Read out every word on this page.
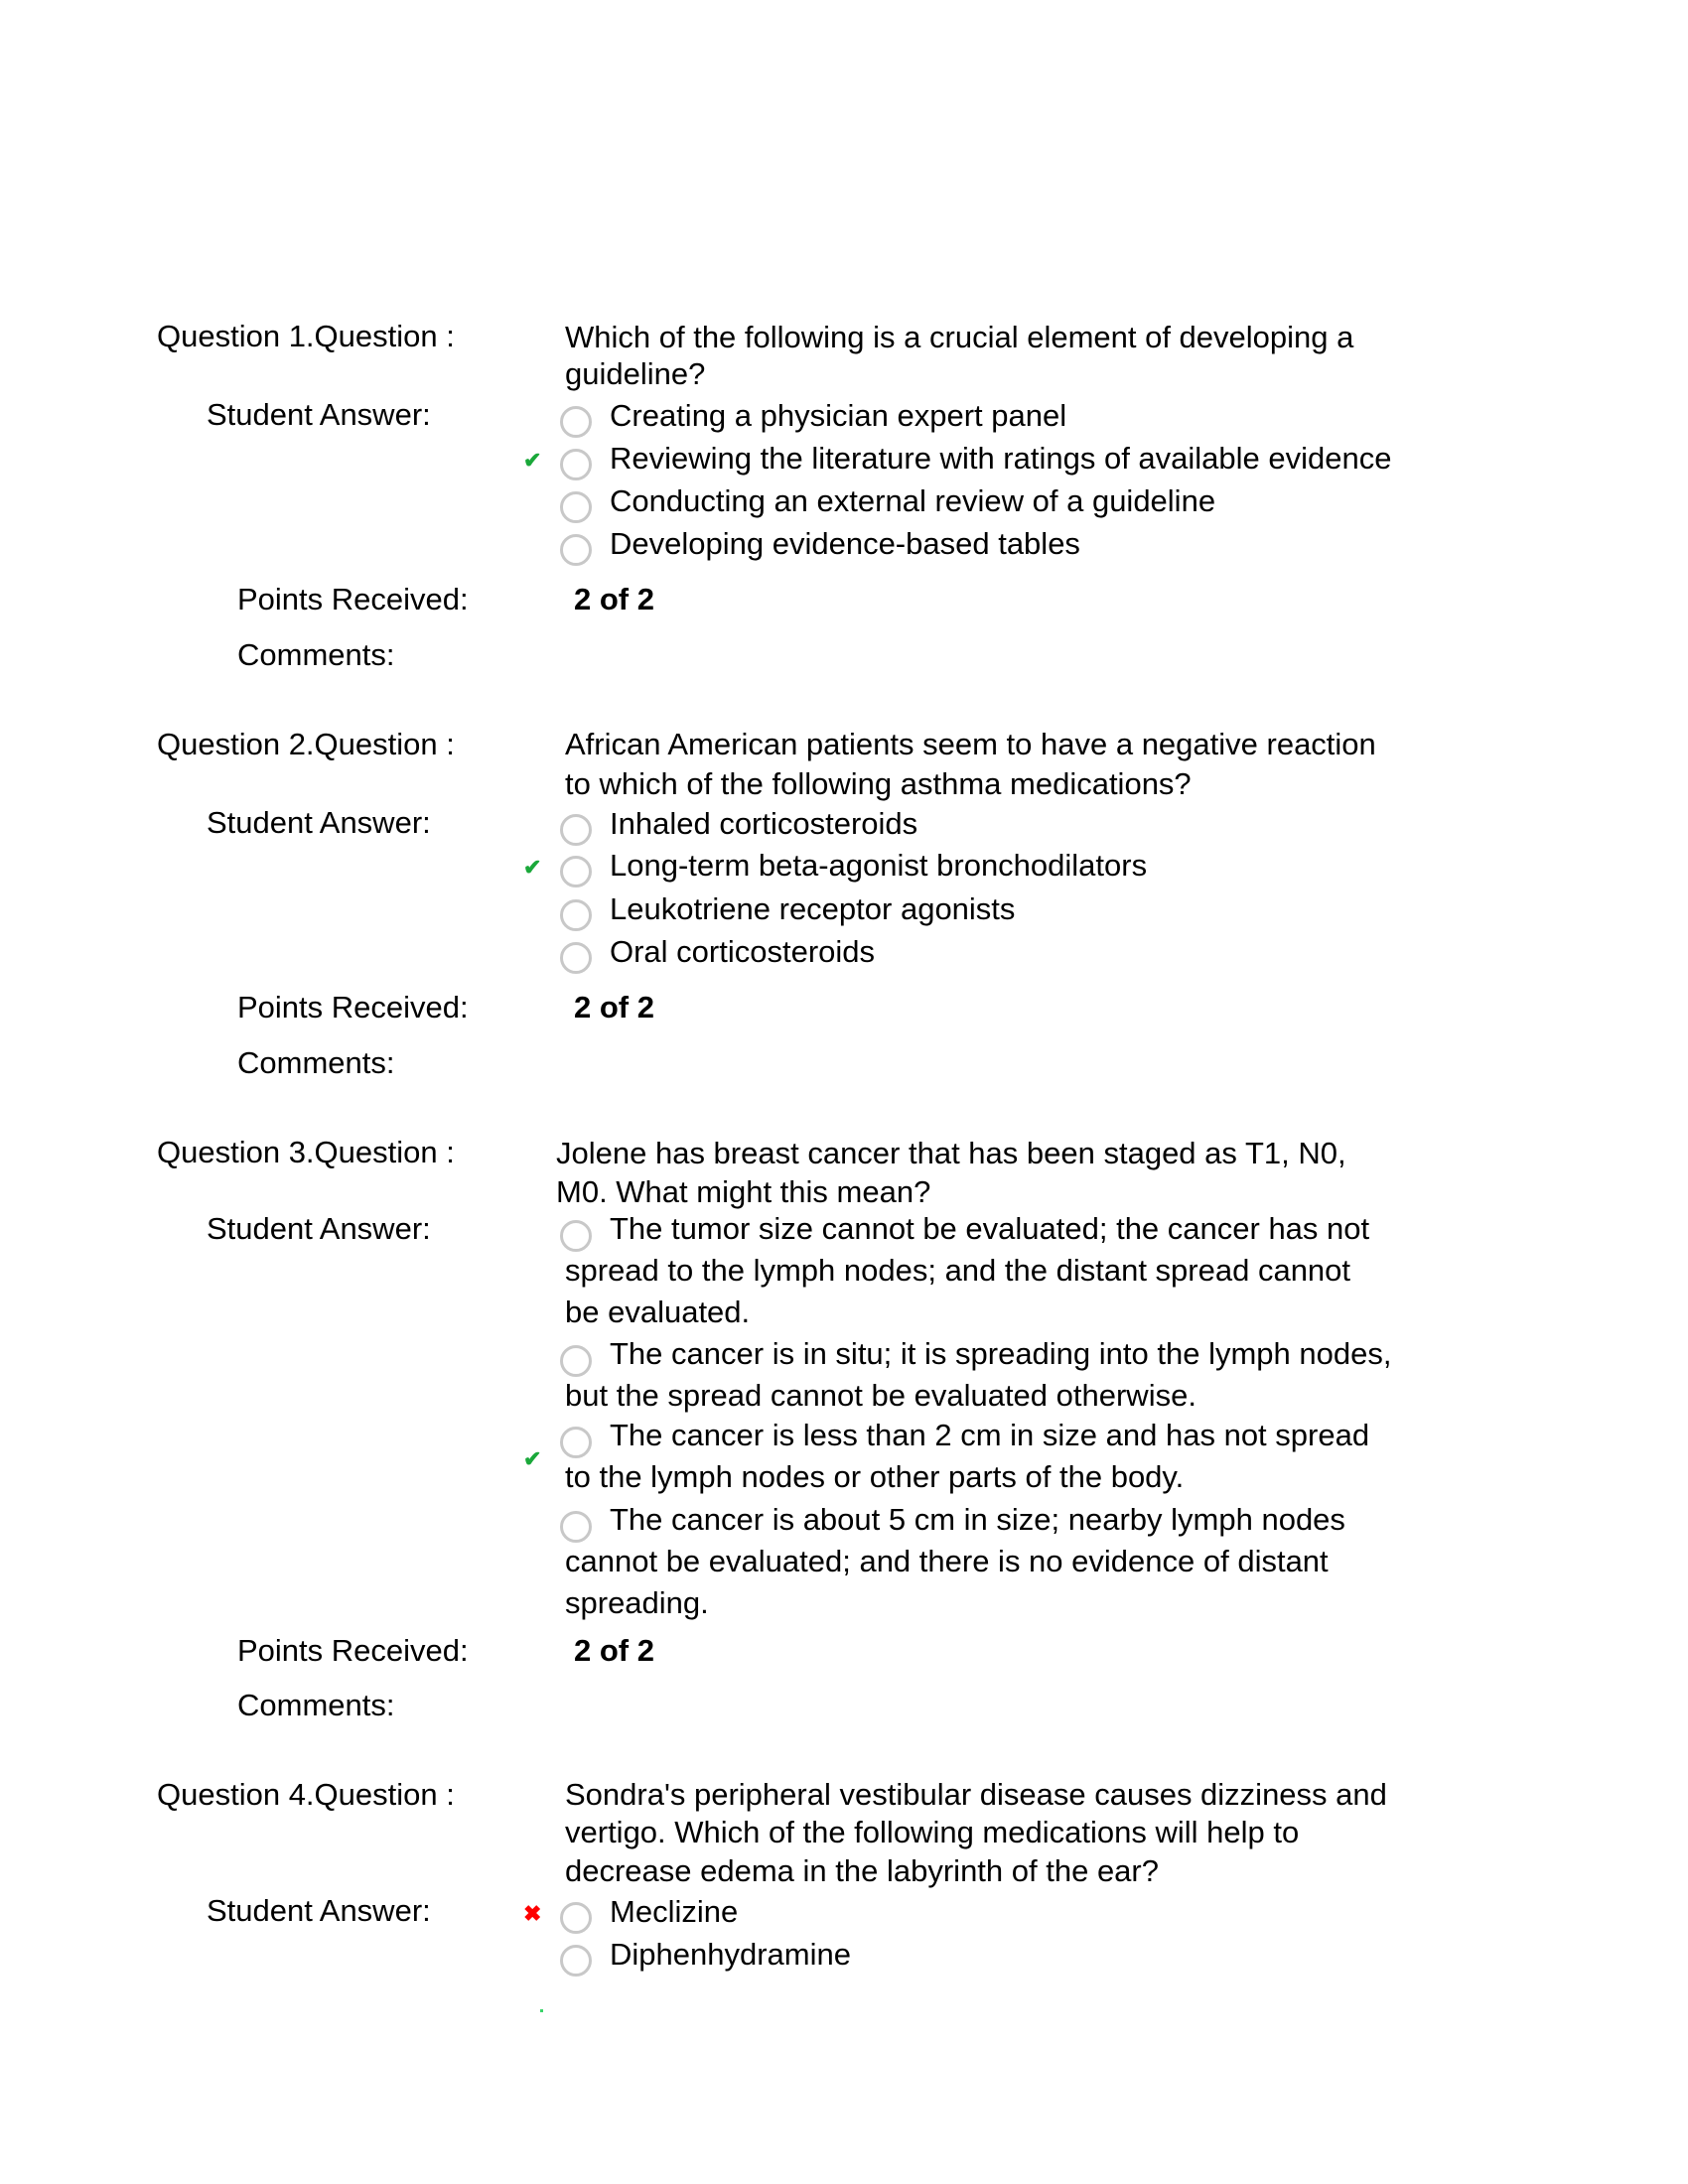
Question 1.Question :	Which of the following is a crucial element of developing a
guideline?
Student Answer:	Creating a physician expert panel
Reviewing the literature with ratings of available evidence
Conducting an external review of a guideline
Developing evidence-based tables
✔
Points Received:	2 of 2
Comments:
Question 2.Question :	African American patients seem to have a negative reaction
to which of the following asthma medications?
Student Answer:	Inhaled corticosteroids
Long-term beta-agonist bronchodilators
Leukotriene receptor agonists
Oral corticosteroids
✔
Points Received:	2 of 2
Comments:
Question 3.Question :	Jolene has breast cancer that has been staged as T1, N0,
M0. What might this mean?
Student Answer:	The tumor size cannot be evaluated; the cancer has not
spread to the lymph nodes; and the distant spread cannot
be evaluated.
The cancer is in situ; it is spreading into the lymph nodes,
but the spread cannot be evaluated otherwise.
The cancer is less than 2 cm in size and has not spread
to the lymph nodes or other parts of the body.
The cancer is about 5 cm in size; nearby lymph nodes
cannot be evaluated; and there is no evidence of distant
spreading.
✔
Points Received:	2 of 2
Comments:
Question 4.Question :	Sondra's peripheral vestibular disease causes dizziness and
vertigo. Which of the following medications will help to
decrease edema in the labyrinth of the ear?
Student Answer:	Meclizine
Diphenhydramine
✖
